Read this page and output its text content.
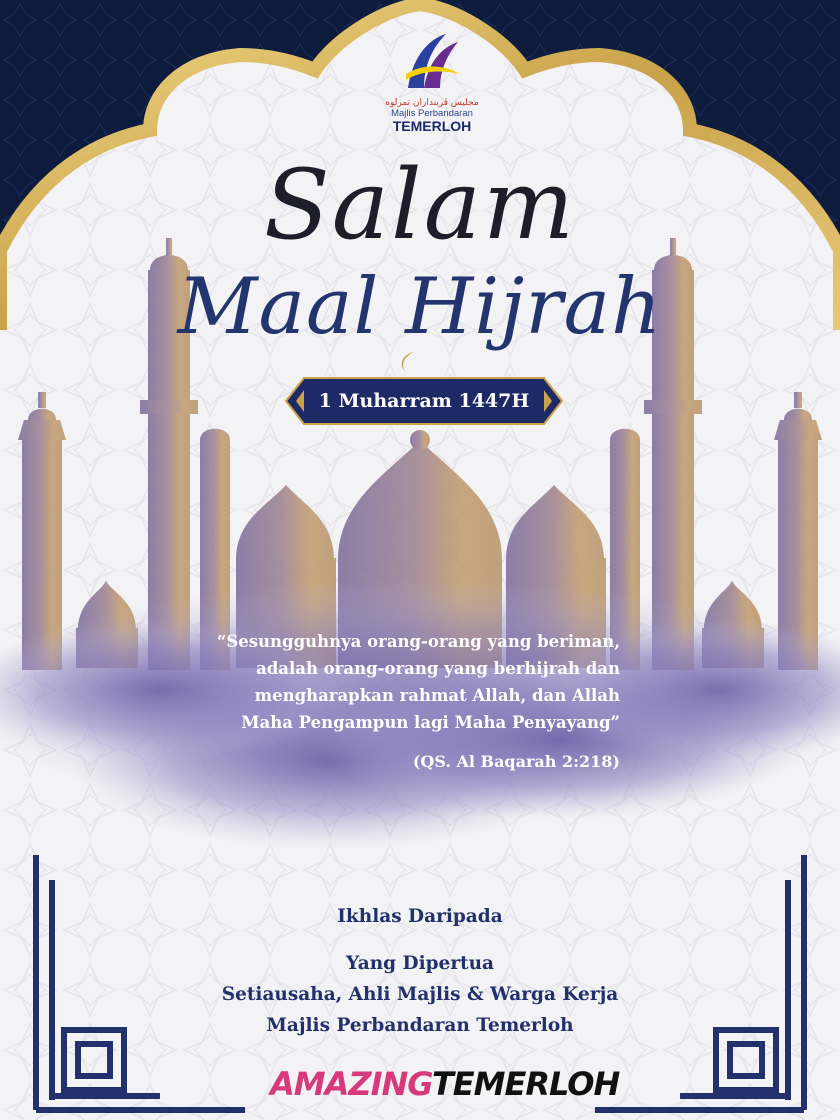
مجليس ڤربنداران تمرلوه
Majlis Perbandaran
TEMERLOH
Salam
Maal Hijrah
1 Muharram 1447H
“Sesungguhnya orang-orang yang beriman,
adalah orang-orang yang berhijrah dan
mengharapkan rahmat Allah, dan Allah
Maha Pengampun lagi Maha Penyayang”
(QS. Al Baqarah 2:218)
Ikhlas Daripada
Yang Dipertua
Setiausaha, Ahli Majlis & Warga Kerja
Majlis Perbandaran Temerloh
AMAZINGTEMERLOH
